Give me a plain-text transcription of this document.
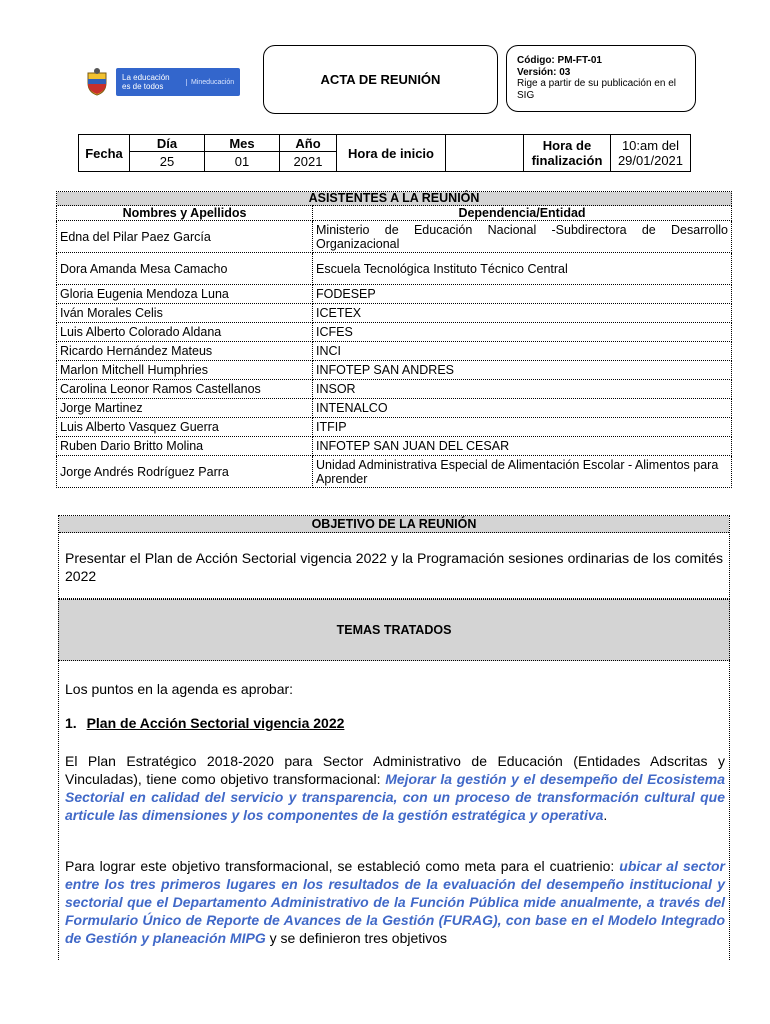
La educación es de todos	Mineducación	ACTA DE REUNIÓN
Código: PM-FT-01
Versión: 03
Rige a partir de su publicación en el SIG
Fecha	Día	Mes	Año	Hora de inicio		Hora de finalización	10:am del 29/01/2021
	25	01	2021				
ASISTENTES A LA REUNIÓN	
Nombres y Apellidos	Dependencia/Entidad
Edna del Pilar Paez García	Ministerio de Educación Nacional -Subdirectora de Desarrollo Organizacional
Dora Amanda Mesa Camacho	Escuela Tecnológica Instituto Técnico Central
Gloria Eugenia Mendoza Luna	FODESEP
Iván Morales Celis	ICETEX
Luis Alberto Colorado Aldana	ICFES
Ricardo Hernández Mateus	INCI
Marlon Mitchell Humphries	INFOTEP SAN ANDRES
Carolina Leonor Ramos Castellanos	INSOR
Jorge Martinez	INTENALCO
Luis Alberto Vasquez Guerra	ITFIP
Ruben Dario Britto Molina	INFOTEP SAN JUAN DEL CESAR
Jorge Andrés Rodríguez Parra	Unidad Administrativa Especial de Alimentación Escolar - Alimentos para Aprender
OBJETIVO DE LA REUNIÓN
Presentar el Plan de Acción Sectorial vigencia 2022 y la Programación sesiones ordinarias de los comités 2022
TEMAS TRATADOS
Los puntos en la agenda es aprobar:
1. Plan de Acción Sectorial vigencia 2022
El Plan Estratégico 2018-2020 para Sector Administrativo de Educación (Entidades Adscritas y Vinculadas), tiene como objetivo transformacional: Mejorar la gestión y el desempeño del Ecosistema Sectorial en calidad del servicio y transparencia, con un proceso de transformación cultural que articule las dimensiones y los componentes de la gestión estratégica y operativa.
Para lograr este objetivo transformacional, se estableció como meta para el cuatrienio: ubicar al sector entre los tres primeros lugares en los resultados de la evaluación del desempeño institucional y sectorial que el Departamento Administrativo de la Función Pública mide anualmente, a través del Formulario Único de Reporte de Avances de la Gestión (FURAG), con base en el Modelo Integrado de Gestión y planeación MIPG y se definieron tres objetivos
